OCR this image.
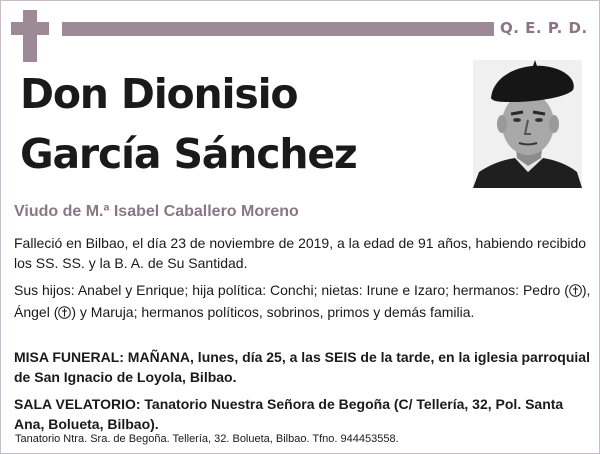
Q. E. P. D.
Don Dionisio
García Sánchez
Viudo de M.ª Isabel Caballero Moreno
Falleció en Bilbao, el día 23 de noviembre de 2019, a la edad de 91 años, habiendo recibido los SS. SS. y la B. A. de Su Santidad.
Sus hijos: Anabel y Enrique; hija política: Conchi; nietas: Irune e Izaro; hermanos: Pedro ( ), Ángel ( ) y Maruja; hermanos políticos, sobrinos, primos y demás familia.
MISA FUNERAL: MAÑANA, lunes, día 25, a las SEIS de la tarde, en la iglesia parroquial de San Ignacio de Loyola, Bilbao.
SALA VELATORIO: Tanatorio Nuestra Señora de Begoña (C/ Tellería, 32, Pol. Santa Ana, Bolueta, Bilbao).
Tanatorio Ntra. Sra. de Begoña. Tellería, 32. Bolueta, Bilbao. Tfno. 944453558.
